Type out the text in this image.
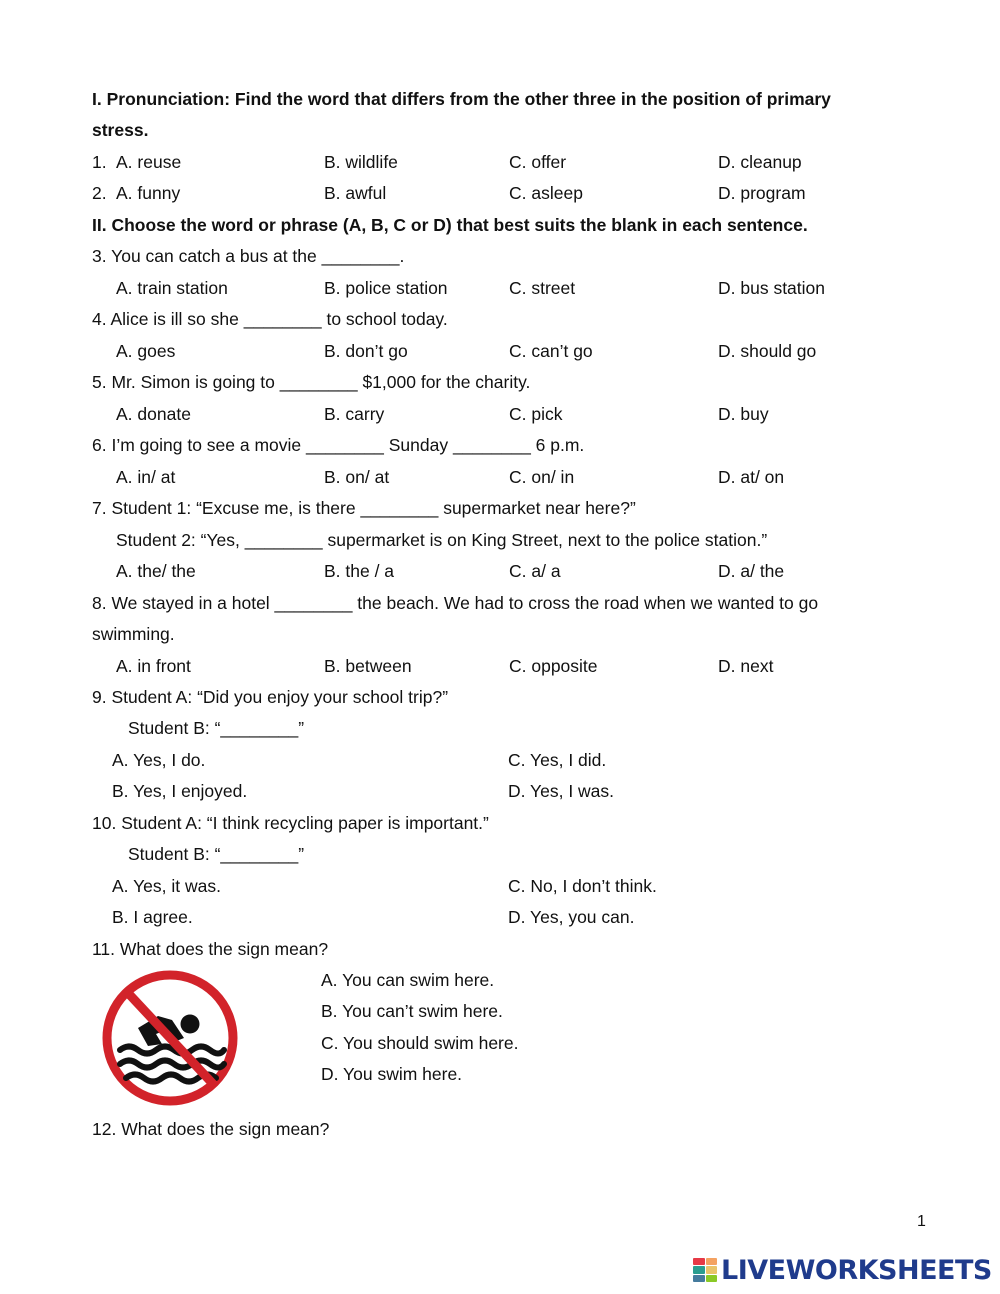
I. Pronunciation: Find the word that differs from the other three in the position of primary
stress.
1. A. reuse	B. wildlife	C. offer	D. cleanup
2. A. funny	B. awful	C. asleep	D. program
II. Choose the word or phrase (A, B, C or D) that best suits the blank in each sentence.
3. You can catch a bus at the ________.
A. train station	B. police station	C. street	D. bus station
4. Alice is ill so she ________ to school today.
A. goes	B. don’t go	C. can’t go	D. should go
5. Mr. Simon is going to ________ $1,000 for the charity.
A. donate	B. carry	C. pick	D. buy
6. I’m going to see a movie ________ Sunday ________ 6 p.m.
A. in/ at	B. on/ at	C. on/ in	D. at/ on
7. Student 1: “Excuse me, is there ________ supermarket near here?”
Student 2: “Yes, ________ supermarket is on King Street, next to the police station.”
A. the/ the	B. the / a	C. a/ a	D. a/ the
8. We stayed in a hotel ________ the beach. We had to cross the road when we wanted to go
swimming.
A. in front	B. between	C. opposite	D. next
9. Student A: “Did you enjoy your school trip?”
Student B: “________”
A. Yes, I do.	C. Yes, I did.
B. Yes, I enjoyed.	D. Yes, I was.
10. Student A: “I think recycling paper is important.”
Student B: “________”
A. Yes, it was.	C. No, I don’t think.
B. I agree.	D. Yes, you can.
11. What does the sign mean?
A. You can swim here.
B. You can’t swim here.
C. You should swim here.
D. You swim here.
12. What does the sign mean?
1
LIVEWORKSHEETS
